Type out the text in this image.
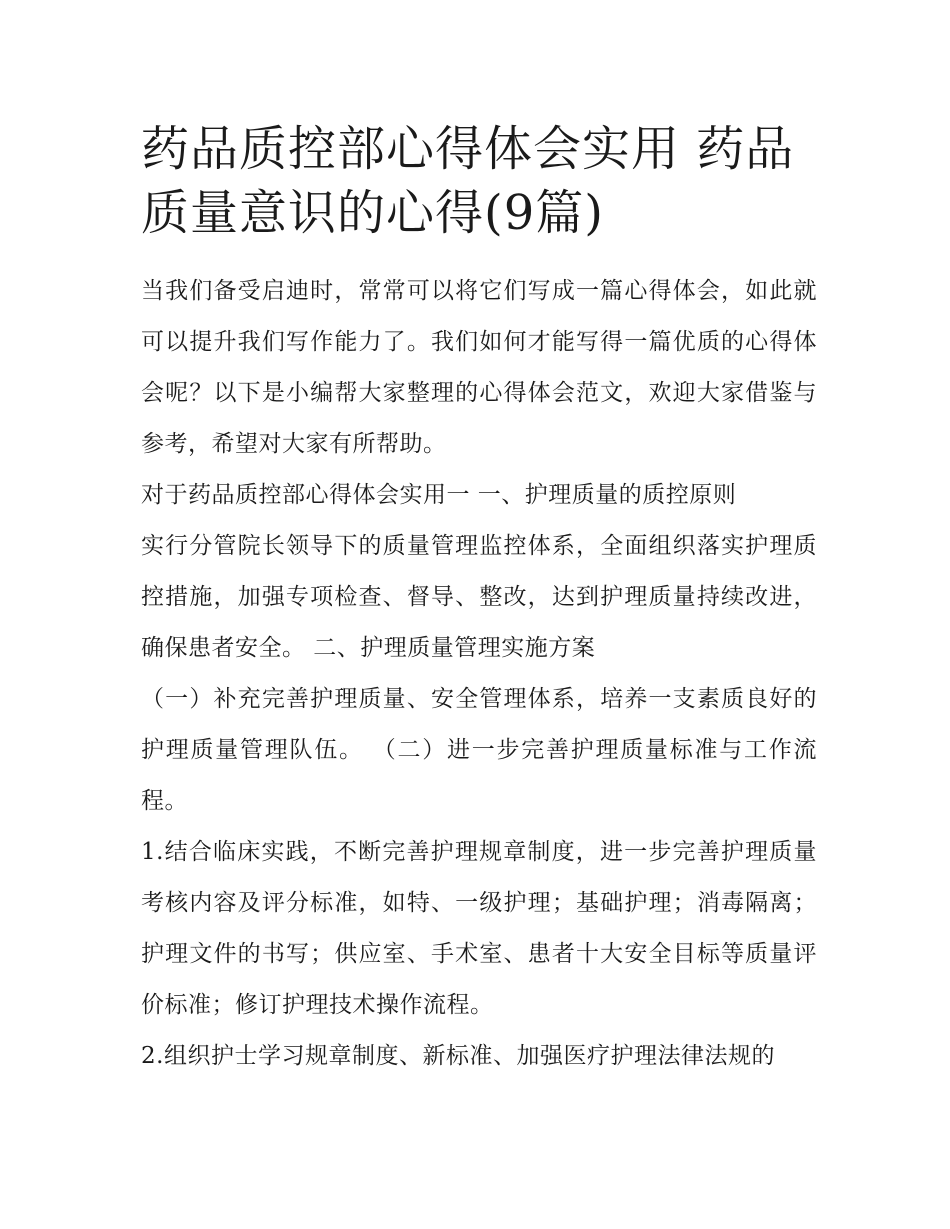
药品质控部心得体会实用 药品质量意识的心得(9篇)

当我们备受启迪时，常常可以将它们写成一篇心得体会，如此就可以提升我们写作能力了。我们如何才能写得一篇优质的心得体会呢？以下是小编帮大家整理的心得体会范文，欢迎大家借鉴与参考，希望对大家有所帮助。

对于药品质控部心得体会实用一 一、护理质量的质控原则

实行分管院长领导下的质量管理监控体系，全面组织落实护理质控措施，加强专项检查、督导、整改，达到护理质量持续改进，确保患者安全。 二、护理质量管理实施方案

（一）补充完善护理质量、安全管理体系，培养一支素质良好的护理质量管理队伍。 （二）进一步完善护理质量标准与工作流程。

1.结合临床实践，不断完善护理规章制度，进一步完善护理质量考核内容及评分标准，如特、一级护理；基础护理；消毒隔离；护理文件的书写；供应室、手术室、患者十大安全目标等质量评价标准；修订护理技术操作流程。

2.组织护士学习规章制度、新标准、加强医疗护理法律法规的
